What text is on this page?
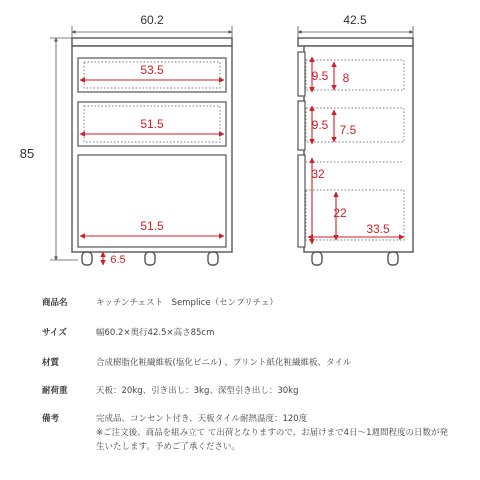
60.2
85
53.5
51.5
51.5
6.5
42.5
9.5 8
9.5 7.5
32
22
33.5
商品名	キッチンチェスト　Semplice（センプリチェ）
サイズ	幅60.2×奥行42.5×高さ85cm
材質	合成樹脂化粧繊維板(塩化ビニル) 、プリント紙化粧繊維板、タイル
耐荷重	天板：20kg、引き出し：3kg、深型引き出し：30kg
備考	完成品、コンセント付き、天板タイル耐熱温度：120度
※ご注文後、商品を組み立て て出荷となりますので、お届けまで4日〜1週間程度の日数が発
生いたします。予めご了承ください。
